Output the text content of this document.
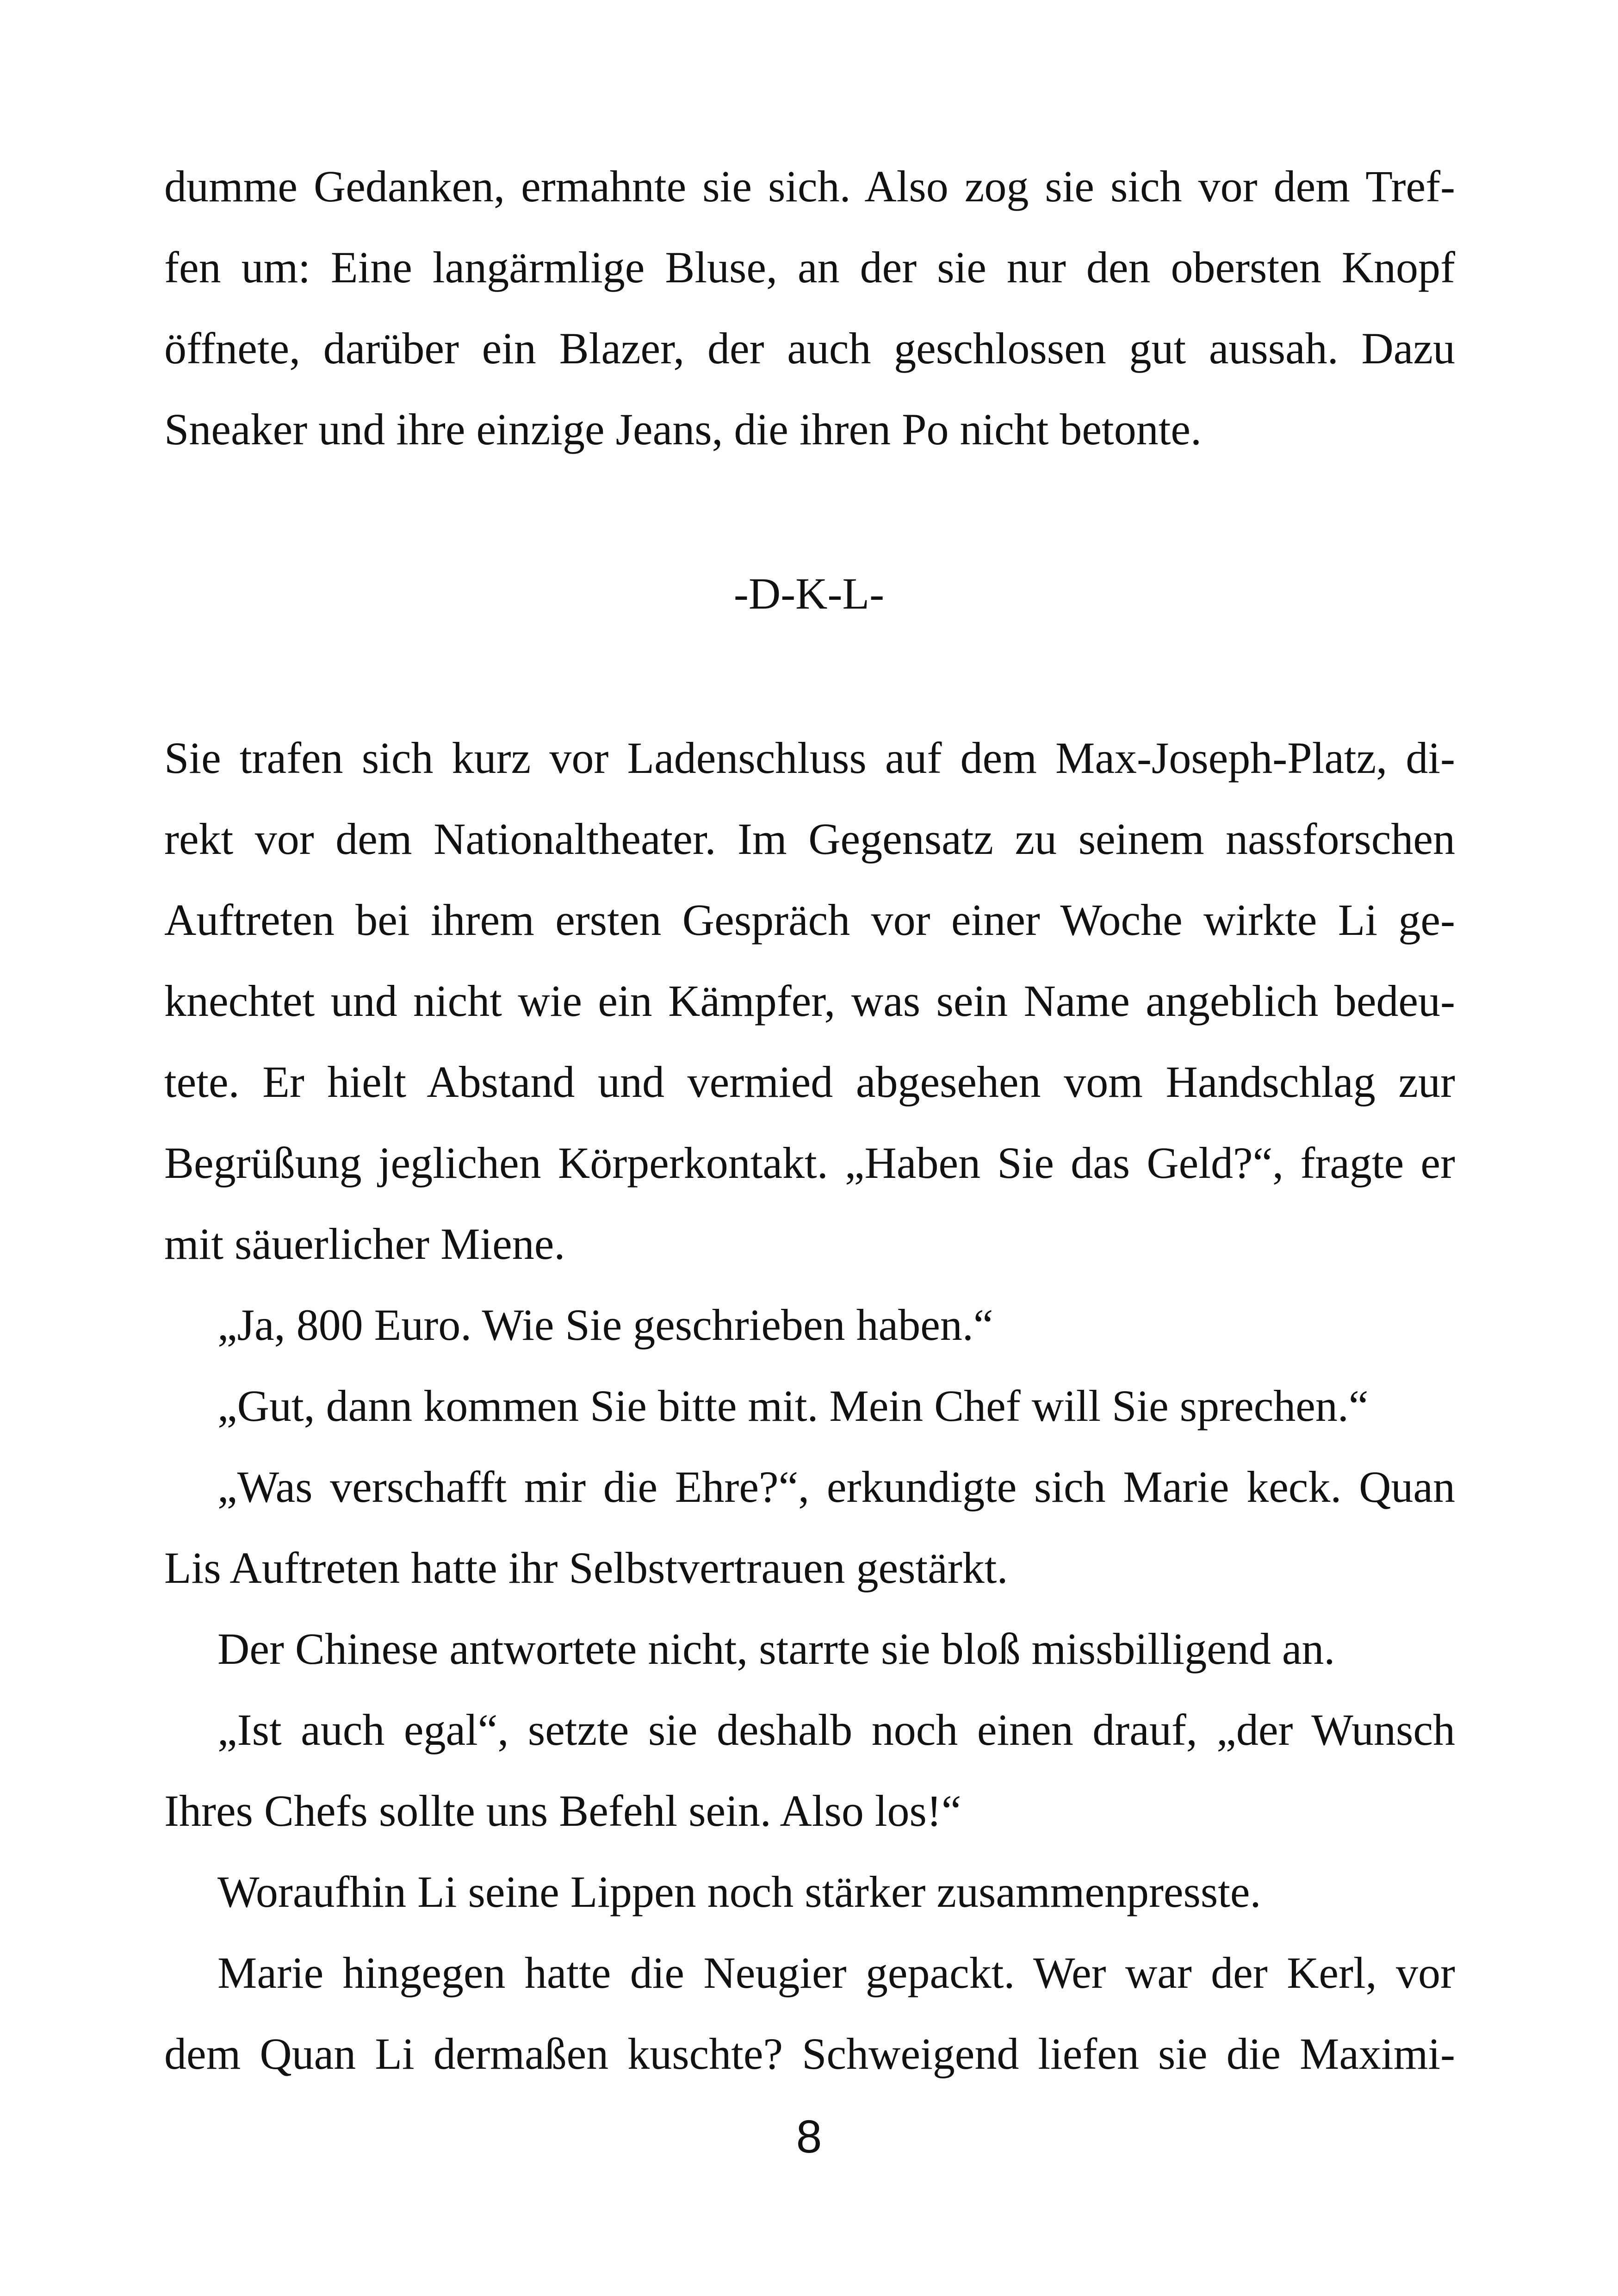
dumme Gedanken, ermahnte sie sich. Also zog sie sich vor dem Tref-
fen um: Eine langärmlige Bluse, an der sie nur den obersten Knopf
öffnete, darüber ein Blazer, der auch geschlossen gut aussah. Dazu
Sneaker und ihre einzige Jeans, die ihren Po nicht betonte.
-D-K-L-
Sie trafen sich kurz vor Ladenschluss auf dem Max-Joseph-Platz, di-
rekt vor dem Nationaltheater. Im Gegensatz zu seinem nassforschen
Auftreten bei ihrem ersten Gespräch vor einer Woche wirkte Li ge-
knechtet und nicht wie ein Kämpfer, was sein Name angeblich bedeu-
tete. Er hielt Abstand und vermied abgesehen vom Handschlag zur
Begrüßung jeglichen Körperkontakt. „Haben Sie das Geld?“, fragte er
mit säuerlicher Miene.
„Ja, 800 Euro. Wie Sie geschrieben haben.“
„Gut, dann kommen Sie bitte mit. Mein Chef will Sie sprechen.“
„Was verschafft mir die Ehre?“, erkundigte sich Marie keck. Quan
Lis Auftreten hatte ihr Selbstvertrauen gestärkt.
Der Chinese antwortete nicht, starrte sie bloß missbilligend an.
„Ist auch egal“, setzte sie deshalb noch einen drauf, „der Wunsch
Ihres Chefs sollte uns Befehl sein. Also los!“
Woraufhin Li seine Lippen noch stärker zusammenpresste.
Marie hingegen hatte die Neugier gepackt. Wer war der Kerl, vor
dem Quan Li dermaßen kuschte? Schweigend liefen sie die Maximi-
8
